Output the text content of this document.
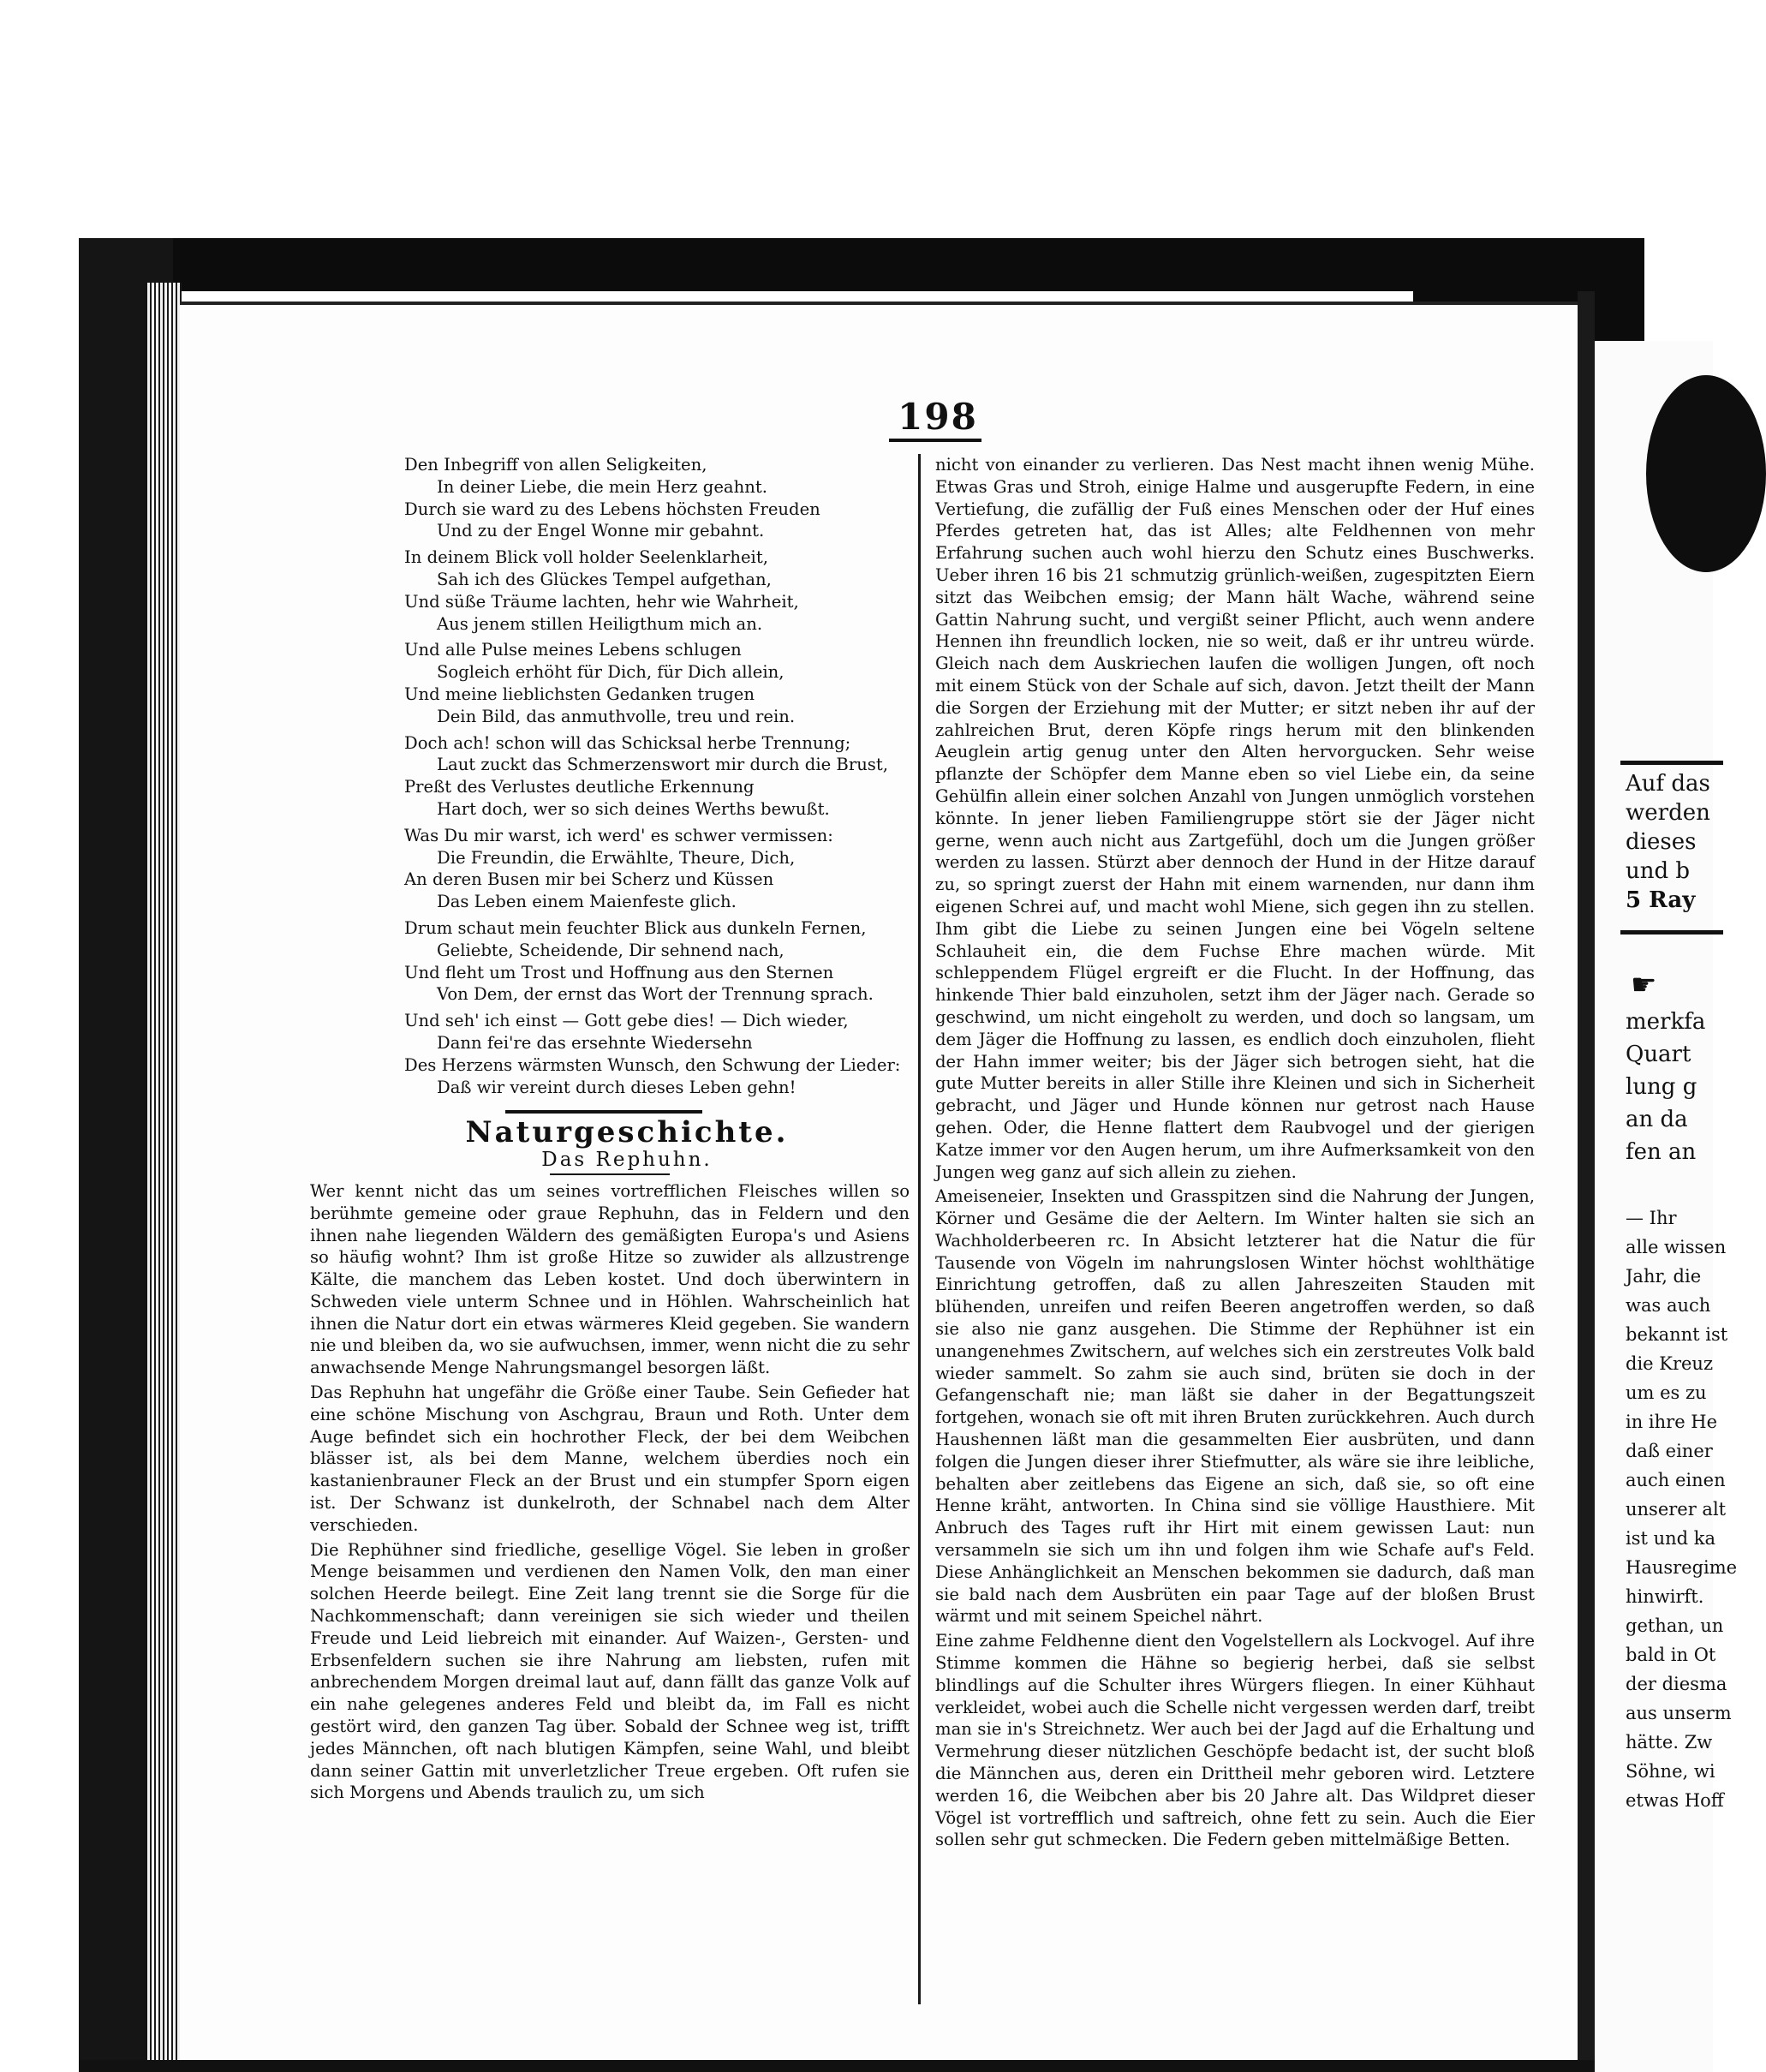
198
Den Inbegriff von allen Seligkeiten,
In deiner Liebe, die mein Herz geahnt.
Durch sie ward zu des Lebens höchsten Freuden
Und zu der Engel Wonne mir gebahnt.
In deinem Blick voll holder Seelenklarheit,
Sah ich des Glückes Tempel aufgethan,
Und süße Träume lachten, hehr wie Wahrheit,
Aus jenem stillen Heiligthum mich an.
Und alle Pulse meines Lebens schlugen
Sogleich erhöht für Dich, für Dich allein,
Und meine lieblichsten Gedanken trugen
Dein Bild, das anmuthvolle, treu und rein.
Doch ach! schon will das Schicksal herbe Trennung;
Laut zuckt das Schmerzenswort mir durch die Brust,
Preßt des Verlustes deutliche Erkennung
Hart doch, wer so sich deines Werths bewußt.
Was Du mir warst, ich werd' es schwer vermissen:
Die Freundin, die Erwählte, Theure, Dich,
An deren Busen mir bei Scherz und Küssen
Das Leben einem Maienfeste glich.
Drum schaut mein feuchter Blick aus dunkeln Fernen,
Geliebte, Scheidende, Dir sehnend nach,
Und fleht um Trost und Hoffnung aus den Sternen
Von Dem, der ernst das Wort der Trennung sprach.
Und seh' ich einst — Gott gebe dies! — Dich wieder,
Dann fei're das ersehnte Wiedersehn
Des Herzens wärmsten Wunsch, den Schwung der Lieder:
Daß wir vereint durch dieses Leben gehn!
Naturgeschichte.
Das Rephuhn.

Wer kennt nicht das um seines vortrefflichen Fleisches willen so berühmte gemeine oder graue Rephuhn, das in Feldern und den ihnen nahe liegenden Wäldern des gemäßigten Europa's und Asiens so häufig wohnt? Ihm ist große Hitze so zuwider als allzustrenge Kälte, die manchem das Leben kostet. Und doch überwintern in Schweden viele unterm Schnee und in Höhlen. Wahrscheinlich hat ihnen die Natur dort ein etwas wärmeres Kleid gegeben. Sie wandern nie und bleiben da, wo sie aufwuchsen, immer, wenn nicht die zu sehr anwachsende Menge Nahrungsmangel besorgen läßt.

Das Rephuhn hat ungefähr die Größe einer Taube. Sein Gefieder hat eine schöne Mischung von Aschgrau, Braun und Roth. Unter dem Auge befindet sich ein hochrother Fleck, der bei dem Weibchen blässer ist, als bei dem Manne, welchem überdies noch ein kastanienbrauner Fleck an der Brust und ein stumpfer Sporn eigen ist. Der Schwanz ist dunkelroth, der Schnabel nach dem Alter verschieden.

Die Rephühner sind friedliche, gesellige Vögel. Sie leben in großer Menge beisammen und verdienen den Namen Volk, den man einer solchen Heerde beilegt. Eine Zeit lang trennt sie die Sorge für die Nachkommenschaft; dann vereinigen sie sich wieder und theilen Freude und Leid liebreich mit einander. Auf Waizen-, Gersten- und Erbsenfeldern suchen sie ihre Nahrung am liebsten, rufen mit anbrechendem Morgen dreimal laut auf, dann fällt das ganze Volk auf ein nahe gelegenes anderes Feld und bleibt da, im Fall es nicht gestört wird, den ganzen Tag über. Sobald der Schnee weg ist, trifft jedes Männchen, oft nach blutigen Kämpfen, seine Wahl, und bleibt dann seiner Gattin mit unverletzlicher Treue ergeben. Oft rufen sie sich Morgens und Abends traulich zu, um sich

nicht von einander zu verlieren. Das Nest macht ihnen wenig Mühe. Etwas Gras und Stroh, einige Halme und ausgerupfte Federn, in eine Vertiefung, die zufällig der Fuß eines Menschen oder der Huf eines Pferdes getreten hat, das ist Alles; alte Feldhennen von mehr Erfahrung suchen auch wohl hierzu den Schutz eines Buschwerks. Ueber ihren 16 bis 21 schmutzig grünlich-weißen, zugespitzten Eiern sitzt das Weibchen emsig; der Mann hält Wache, während seine Gattin Nahrung sucht, und vergißt seiner Pflicht, auch wenn andere Hennen ihn freundlich locken, nie so weit, daß er ihr untreu würde. Gleich nach dem Auskriechen laufen die wolligen Jungen, oft noch mit einem Stück von der Schale auf sich, davon. Jetzt theilt der Mann die Sorgen der Erziehung mit der Mutter; er sitzt neben ihr auf der zahlreichen Brut, deren Köpfe rings herum mit den blinkenden Aeuglein artig genug unter den Alten hervorgucken. Sehr weise pflanzte der Schöpfer dem Manne eben so viel Liebe ein, da seine Gehülfin allein einer solchen Anzahl von Jungen unmöglich vorstehen könnte. In jener lieben Familiengruppe stört sie der Jäger nicht gerne, wenn auch nicht aus Zartgefühl, doch um die Jungen größer werden zu lassen. Stürzt aber dennoch der Hund in der Hitze darauf zu, so springt zuerst der Hahn mit einem warnenden, nur dann ihm eigenen Schrei auf, und macht wohl Miene, sich gegen ihn zu stellen. Ihm gibt die Liebe zu seinen Jungen eine bei Vögeln seltene Schlauheit ein, die dem Fuchse Ehre machen würde. Mit schleppendem Flügel ergreift er die Flucht. In der Hoffnung, das hinkende Thier bald einzuholen, setzt ihm der Jäger nach. Gerade so geschwind, um nicht eingeholt zu werden, und doch so langsam, um dem Jäger die Hoffnung zu lassen, es endlich doch einzuholen, flieht der Hahn immer weiter; bis der Jäger sich betrogen sieht, hat die gute Mutter bereits in aller Stille ihre Kleinen und sich in Sicherheit gebracht, und Jäger und Hunde können nur getrost nach Hause gehen. Oder, die Henne flattert dem Raubvogel und der gierigen Katze immer vor den Augen herum, um ihre Aufmerksamkeit von den Jungen weg ganz auf sich allein zu ziehen.

Ameiseneier, Insekten und Grasspitzen sind die Nahrung der Jungen, Körner und Gesäme die der Aeltern. Im Winter halten sie sich an Wachholderbeeren rc. In Absicht letzterer hat die Natur die für Tausende von Vögeln im nahrungslosen Winter höchst wohlthätige Einrichtung getroffen, daß zu allen Jahreszeiten Stauden mit blühenden, unreifen und reifen Beeren angetroffen werden, so daß sie also nie ganz ausgehen. Die Stimme der Rephühner ist ein unangenehmes Zwitschern, auf welches sich ein zerstreutes Volk bald wieder sammelt. So zahm sie auch sind, brüten sie doch in der Gefangenschaft nie; man läßt sie daher in der Begattungszeit fortgehen, wonach sie oft mit ihren Bruten zurückkehren. Auch durch Haushennen läßt man die gesammelten Eier ausbrüten, und dann folgen die Jungen dieser ihrer Stiefmutter, als wäre sie ihre leibliche, behalten aber zeitlebens das Eigene an sich, daß sie, so oft eine Henne kräht, antworten. In China sind sie völlige Hausthiere. Mit Anbruch des Tages ruft ihr Hirt mit einem gewissen Laut: nun versammeln sie sich um ihn und folgen ihm wie Schafe auf's Feld. Diese Anhänglichkeit an Menschen bekommen sie dadurch, daß man sie bald nach dem Ausbrüten ein paar Tage auf der bloßen Brust wärmt und mit seinem Speichel nährt.

Eine zahme Feldhenne dient den Vogelstellern als Lockvogel. Auf ihre Stimme kommen die Hähne so begierig herbei, daß sie selbst blindlings auf die Schulter ihres Würgers fliegen. In einer Kühhaut verkleidet, wobei auch die Schelle nicht vergessen werden darf, treibt man sie in's Streichnetz. Wer auch bei der Jagd auf die Erhaltung und Vermehrung dieser nützlichen Geschöpfe bedacht ist, der sucht bloß die Männchen aus, deren ein Drittheil mehr geboren wird. Letztere werden 16, die Weibchen aber bis 20 Jahre alt. Das Wildpret dieser Vögel ist vortrefflich und saftreich, ohne fett zu sein. Auch die Eier sollen sehr gut schmecken. Die Federn geben mittelmäßige Betten.

Auf das
werden
dieses
und b
5 Ray
☛
merkfa
Quart
lung g
an da
fen an
— Ihr
alle wissen
Jahr, die
was auch
bekannt ist
die Kreuz
um es zu
in ihre He
daß einer
auch einen
unserer alt
ist und ka
Hausregime
hinwirft.
gethan, un
bald in Ot
der diesma
aus unserm
hätte. Zw
Söhne, wi
etwas Hoff
